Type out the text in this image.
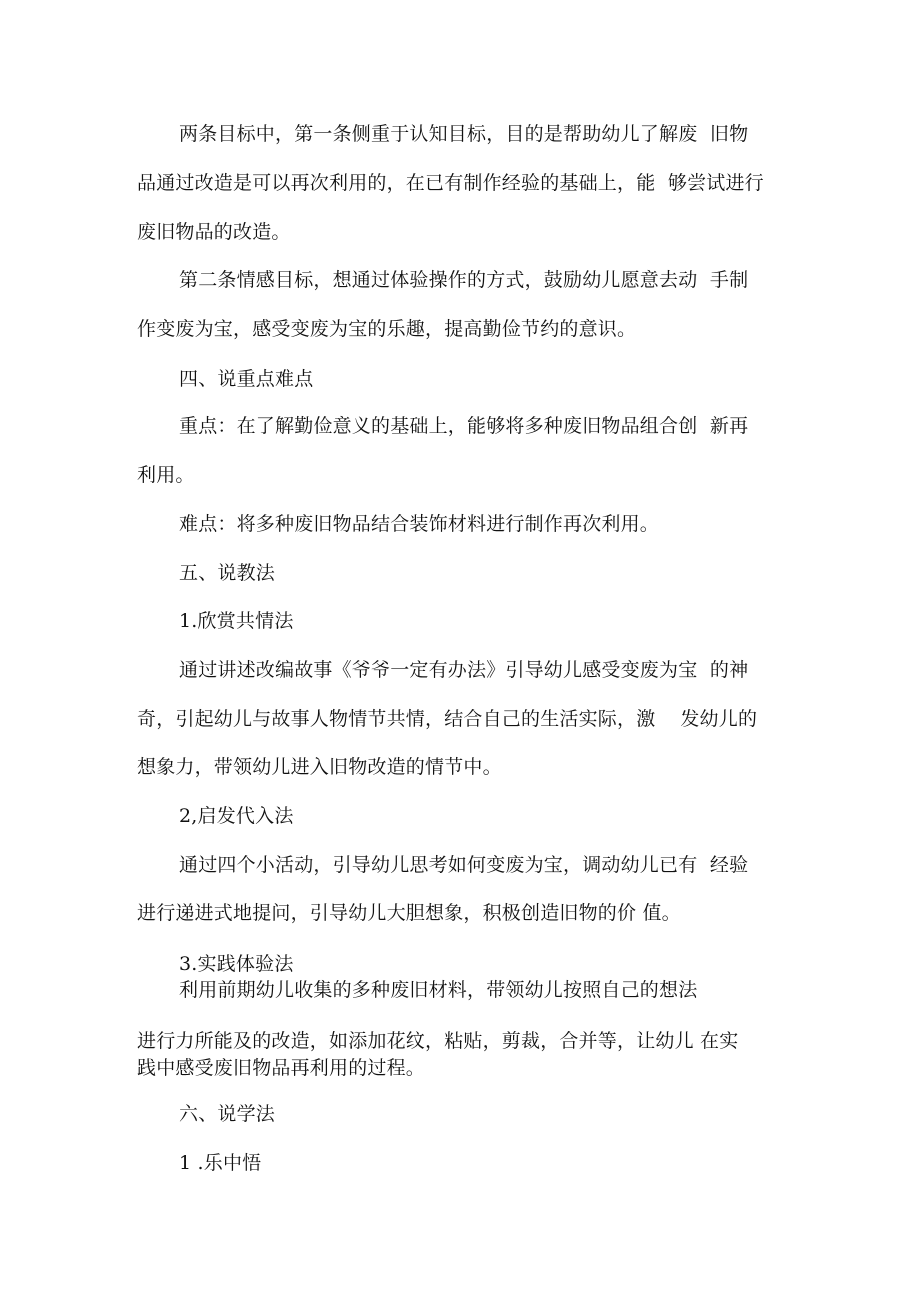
两条目标中，第一条侧重于认知目标，目的是帮助幼儿了解废  旧物
品通过改造是可以再次利用的，在已有制作经验的基础上，能  够尝试进行
废旧物品的改造。
第二条情感目标，想通过体验操作的方式，鼓励幼儿愿意去动  手制
作变废为宝，感受变废为宝的乐趣，提高勤俭节约的意识。
四、说重点难点
重点：在了解勤俭意义的基础上，能够将多种废旧物品组合创  新再
利用。
难点：将多种废旧物品结合装饰材料进行制作再次利用。
五、说教法
1.欣赏共情法
通过讲述改编故事《爷爷一定有办法》引导幼儿感受变废为宝  的神
奇，引起幼儿与故事人物情节共情，结合自己的生活实际，激    发幼儿的
想象力，带领幼儿进入旧物改造的情节中。
2,启发代入法
通过四个小活动，引导幼儿思考如何变废为宝，调动幼儿已有  经验
进行递进式地提问，引导幼儿大胆想象，积极创造旧物的价 值。
3.实践体验法
利用前期幼儿收集的多种废旧材料，带领幼儿按照自己的想法
进行力所能及的改造，如添加花纹，粘贴，剪裁，合并等，让幼儿 在实
践中感受废旧物品再利用的过程。
六、说学法
1 .乐中悟
